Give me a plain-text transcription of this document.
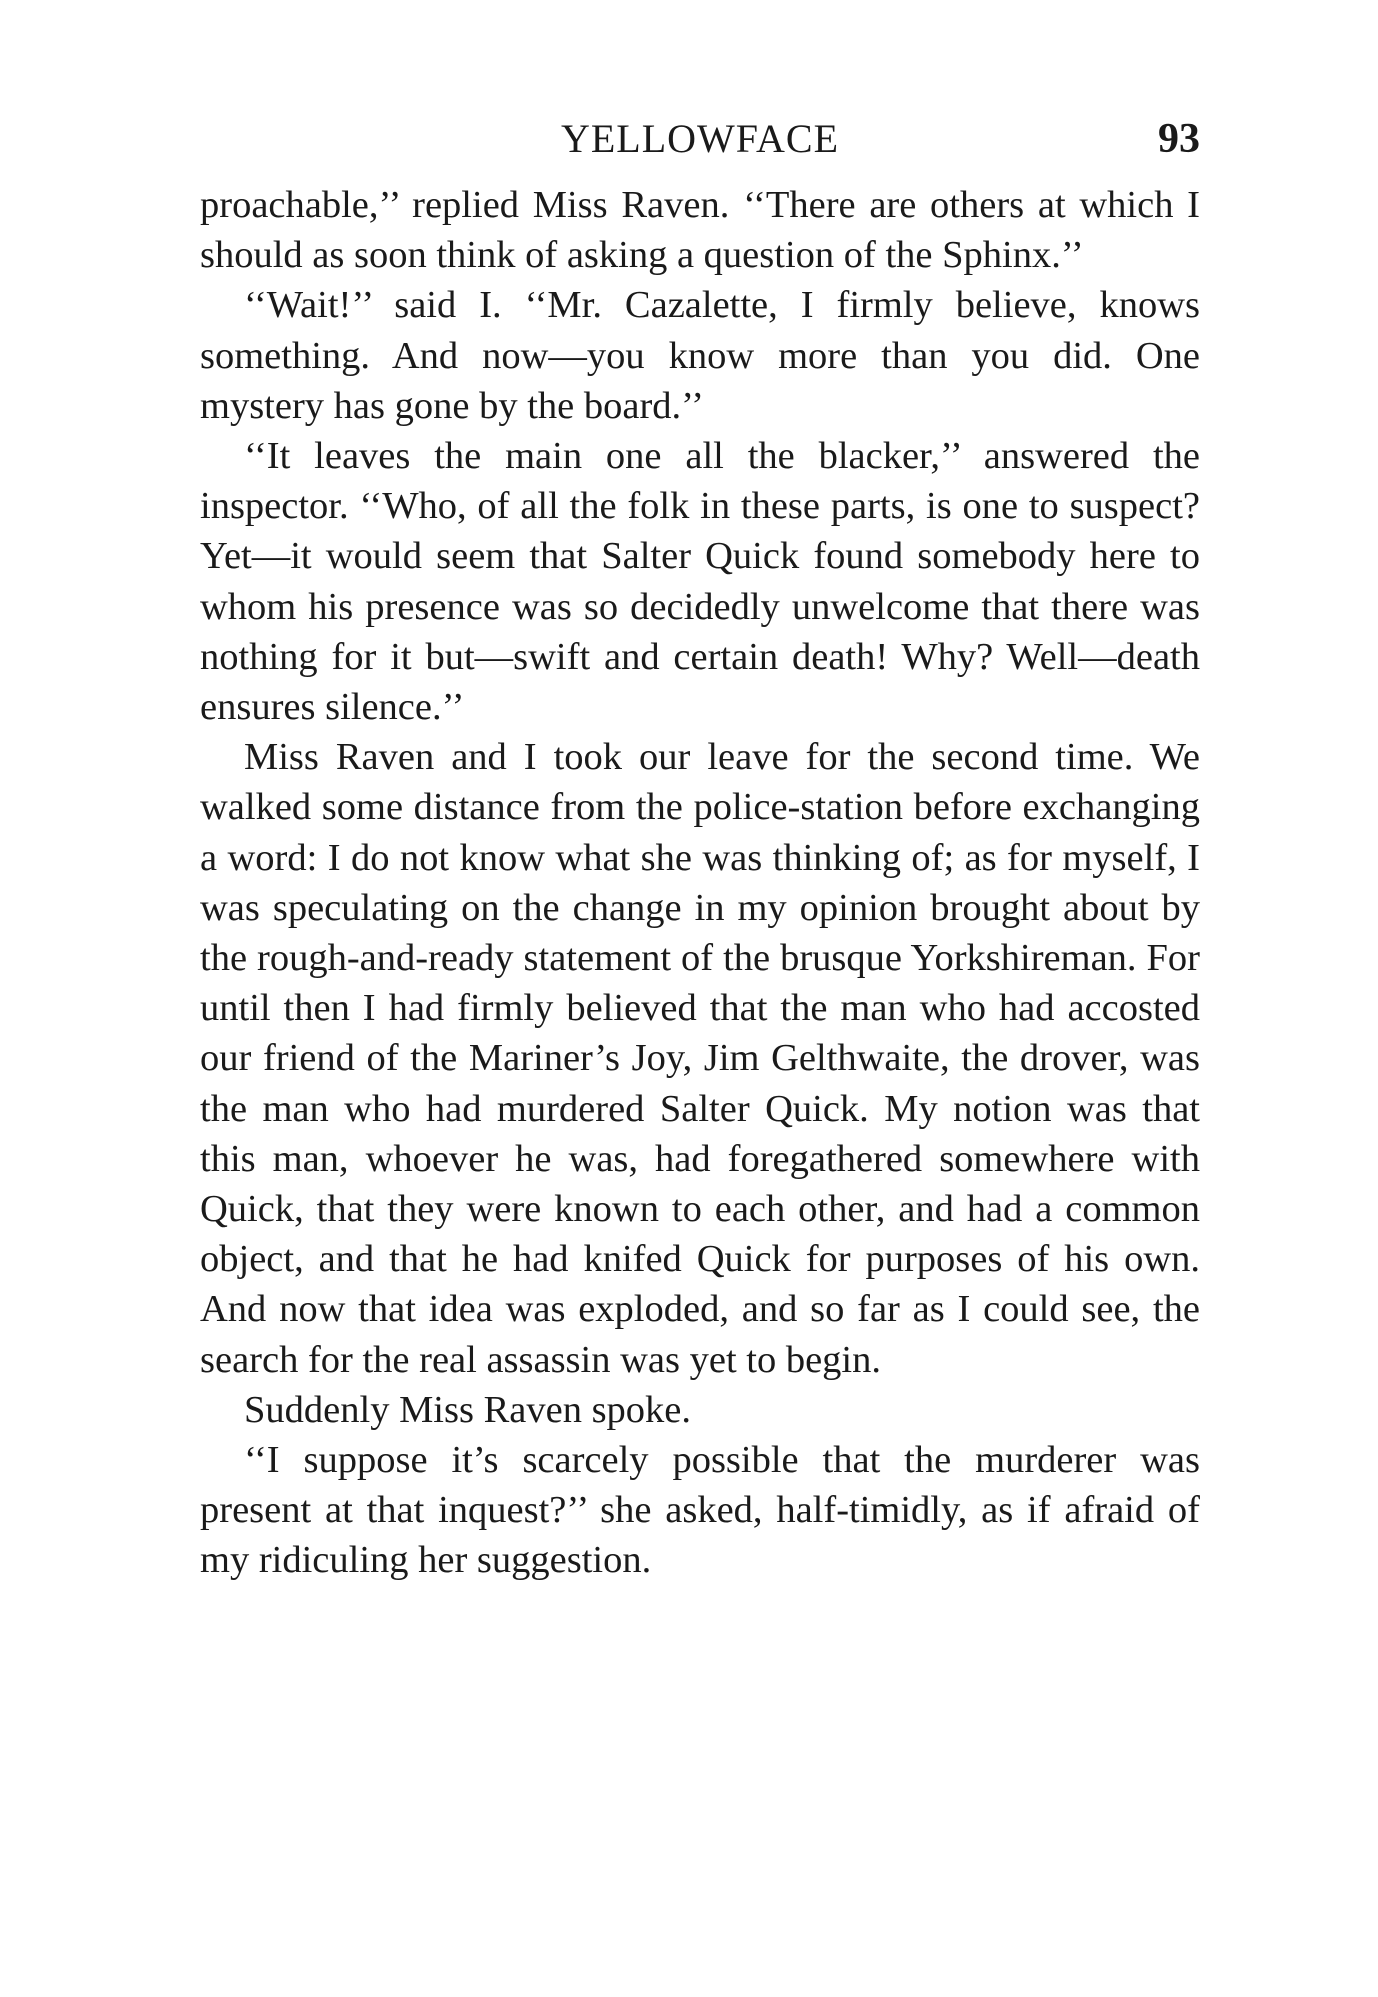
YELLOWFACE	93

proachable,’’ replied Miss Raven. ‘‘There are others at which I should as soon think of asking a question of the Sphinx.’’

‘‘Wait!’’ said I. ‘‘Mr. Cazalette, I firmly believe, knows something. And now—you know more than you did. One mystery has gone by the board.’’

‘‘It leaves the main one all the blacker,’’ answered the inspector. ‘‘Who, of all the folk in these parts, is one to suspect? Yet—it would seem that Salter Quick found somebody here to whom his presence was so decidedly unwelcome that there was nothing for it but—swift and certain death! Why? Well—death ensures silence.’’

Miss Raven and I took our leave for the second time. We walked some distance from the police-station before exchanging a word: I do not know what she was thinking of; as for myself, I was speculating on the change in my opinion brought about by the rough-and-ready statement of the brusque Yorkshireman. For until then I had firmly believed that the man who had accosted our friend of the Mariner’s Joy, Jim Gelthwaite, the drover, was the man who had murdered Salter Quick. My notion was that this man, whoever he was, had foregathered somewhere with Quick, that they were known to each other, and had a common object, and that he had knifed Quick for purposes of his own. And now that idea was exploded, and so far as I could see, the search for the real assassin was yet to begin.

Suddenly Miss Raven spoke.

‘‘I suppose it’s scarcely possible that the murderer was present at that inquest?’’ she asked, half-timidly, as if afraid of my ridiculing her suggestion.
